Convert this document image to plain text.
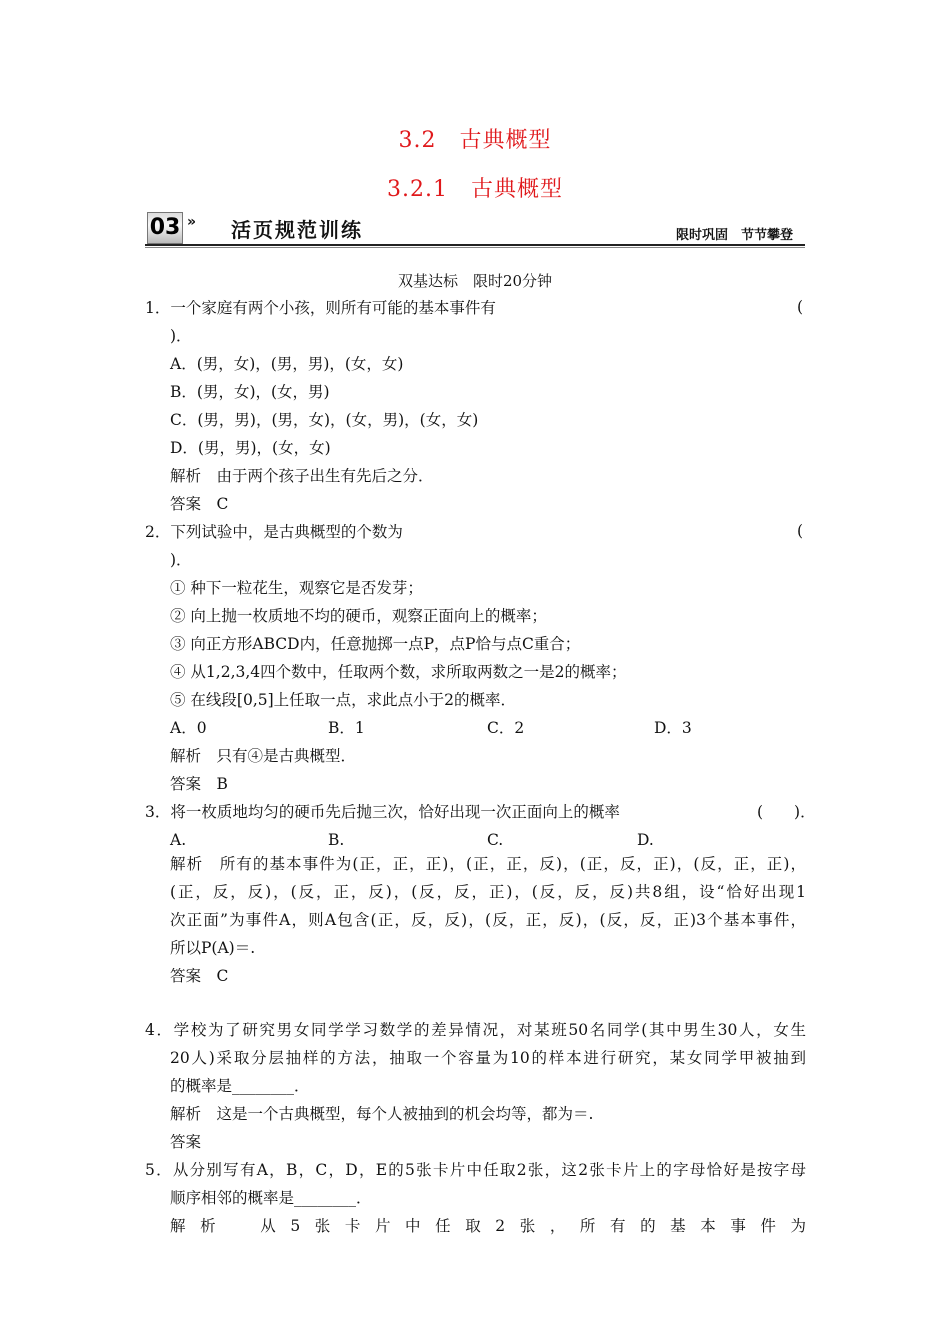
3.2　古典概型
3.2.1　古典概型
03 » 活页规范训练	限时巩固　节节攀登
双基达标　限时20分钟
1．一个家庭有两个小孩，则所有可能的基本事件有	(
)．
A．(男，女)，(男，男)，(女，女)
B．(男，女)，(女，男)
C．(男，男)，(男，女)，(女，男)，(女，女)
D．(男，男)，(女，女)
解析　由于两个孩子出生有先后之分．
答案　C
2．下列试验中，是古典概型的个数为	(
)．
① 种下一粒花生，观察它是否发芽；
② 向上抛一枚质地不均的硬币，观察正面向上的概率；
③ 向正方形ABCD内，任意抛掷一点P，点P恰与点C重合；
④ 从1,2,3,4四个数中，任取两个数，求所取两数之一是2的概率；
⑤ 在线段[0,5]上任取一点，求此点小于2的概率．
A．0	B．1	C．2	D．3
解析　只有④是古典概型．
答案　B
3．将一枚质地均匀的硬币先后抛三次，恰好出现一次正面向上的概率	(　　)．
A.	B.	C.	D.
解析　所有的基本事件为(正，正，正)，(正，正，反)，(正，反，正)，(反，正，正)，
(正，反，反)，(反，正，反)，(反，反，正)，(反，反，反)共8组，设“恰好出现1
次正面”为事件A，则A包含(正，反，反)，(反，正，反)，(反，反，正)3个基本事件，
所以P(A)＝.
答案　C
4．学校为了研究男女同学学习数学的差异情况，对某班50名同学(其中男生30人，女生
20人)采取分层抽样的方法，抽取一个容量为10的样本进行研究，某女同学甲被抽到
的概率是________．
解析　这是一个古典概型，每个人被抽到的机会均等，都为＝.
答案
5．从分别写有A，B，C，D，E的5张卡片中任取2张，这2张卡片上的字母恰好是按字母
顺序相邻的概率是________．
解析　从5张卡片中任取2张，所有的基本事件为
